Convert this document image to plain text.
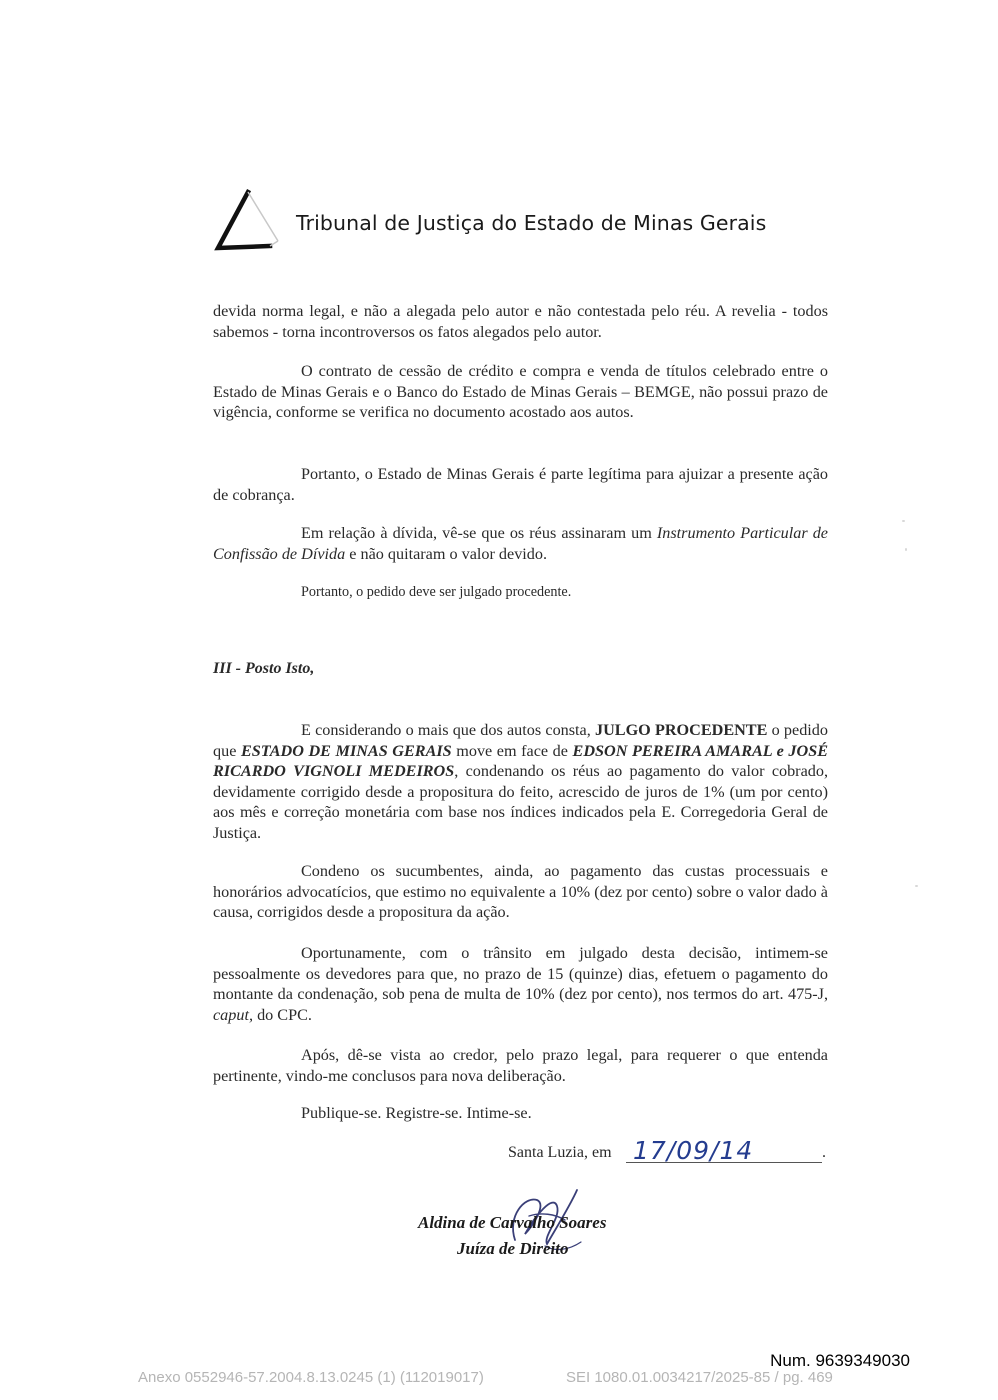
Tribunal de Justiça do Estado de Minas Gerais

devida norma legal, e não a alegada pelo autor e não contestada pelo réu. A revelia - todos sabemos - torna incontroversos os fatos alegados pelo autor.

O contrato de cessão de crédito e compra e venda de títulos celebrado entre o Estado de Minas Gerais e o Banco do Estado de Minas Gerais – BEMGE, não possui prazo de vigência, conforme se verifica no documento acostado aos autos.

Portanto, o Estado de Minas Gerais é parte legítima para ajuizar a presente ação de cobrança.

Em relação à dívida, vê-se que os réus assinaram um Instrumento Particular de Confissão de Dívida e não quitaram o valor devido.

Portanto, o pedido deve ser julgado procedente.

III - Posto Isto,

E considerando o mais que dos autos consta, JULGO PROCEDENTE o pedido que ESTADO DE MINAS GERAIS move em face de EDSON PEREIRA AMARAL e JOSÉ RICARDO VIGNOLI MEDEIROS, condenando os réus ao pagamento do valor cobrado, devidamente corrigido desde a propositura do feito, acrescido de juros de 1% (um por cento) aos mês e correção monetária com base nos índices indicados pela E. Corregedoria Geral de Justiça.

Condeno os sucumbentes, ainda, ao pagamento das custas processuais e honorários advocatícios, que estimo no equivalente a 10% (dez por cento) sobre o valor dado à causa, corrigidos desde a propositura da ação.

Oportunamente, com o trânsito em julgado desta decisão, intimem-se pessoalmente os devedores para que, no prazo de 15 (quinze) dias, efetuem o pagamento do montante da condenação, sob pena de multa de 10% (dez por cento), nos termos do art. 475-J, caput, do CPC.

Após, dê-se vista ao credor, pelo prazo legal, para requerer o que entenda pertinente, vindo-me conclusos para nova deliberação.

Publique-se. Registre-se. Intime-se.

Santa Luzia, em 17/09/14	.
Aldina de Carvalho Soares
Juíza de Direito
Num. 9639349030
Anexo 0552946-57.2004.8.13.0245 (1) (112019017)	SEI 1080.01.0034217/2025-85 / pg. 469
